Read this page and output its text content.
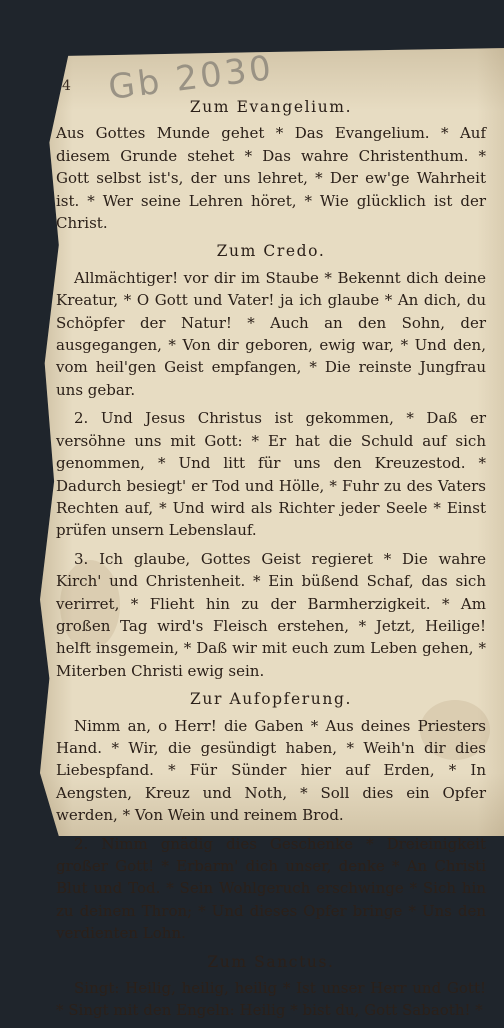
4 Gb 2030
Zum Evangelium.

Aus Gottes Munde gehet * Das Evangelium. * Auf diesem Grunde stehet * Das wahre Christenthum. * Gott selbst ist's, der uns lehret, * Der ew'ge Wahrheit ist. * Wer seine Lehren höret, * Wie glücklich ist der Christ.

Zum Credo.

Allmächtiger! vor dir im Staube * Bekennt dich deine Kreatur, * O Gott und Vater! ja ich glaube * An dich, du Schöpfer der Natur! * Auch an den Sohn, der ausgegangen, * Von dir geboren, ewig war, * Und den, vom heil'gen Geist empfangen, * Die reinste Jungfrau uns gebar.

2. Und Jesus Christus ist gekommen, * Daß er versöhne uns mit Gott: * Er hat die Schuld auf sich genommen, * Und litt für uns den Kreuzestod. * Dadurch besiegt' er Tod und Hölle, * Fuhr zu des Vaters Rechten auf, * Und wird als Richter jeder Seele * Einst prüfen unsern Lebenslauf.

3. Ich glaube, Gottes Geist regieret * Die wahre Kirch' und Christenheit. * Ein büßend Schaf, das sich verirret, * Flieht hin zu der Barmherzigkeit. * Am großen Tag wird's Fleisch erstehen, * Jetzt, Heilige! helft insgemein, * Daß wir mit euch zum Leben gehen, * Miterben Christi ewig sein.

Zur Aufopferung.

Nimm an, o Herr! die Gaben * Aus deines Priesters Hand. * Wir, die gesündigt haben, * Weih'n dir dies Liebespfand. * Für Sünder hier auf Erden, * In Aengsten, Kreuz und Noth, * Soll dies ein Opfer werden, * Von Wein und reinem Brod.

2. Nimm gnädig dies Geschenke * Dreieinigkeit großer Gott! * Erbarm' dich unser, denke * An Christi Blut und Tod. * Sein Wohlgeruch erschwinge * Sich hin zu deinem Thron; * Und dieses Opfer bringe * Uns den verdienten Lohn.

Zum Sanctus.

Singt: Heilig, heilig, heilig * Ist unser Herr und Gott! * Singt mit den Engeln: Heilig * bist du, Gott Sabaoth! *
